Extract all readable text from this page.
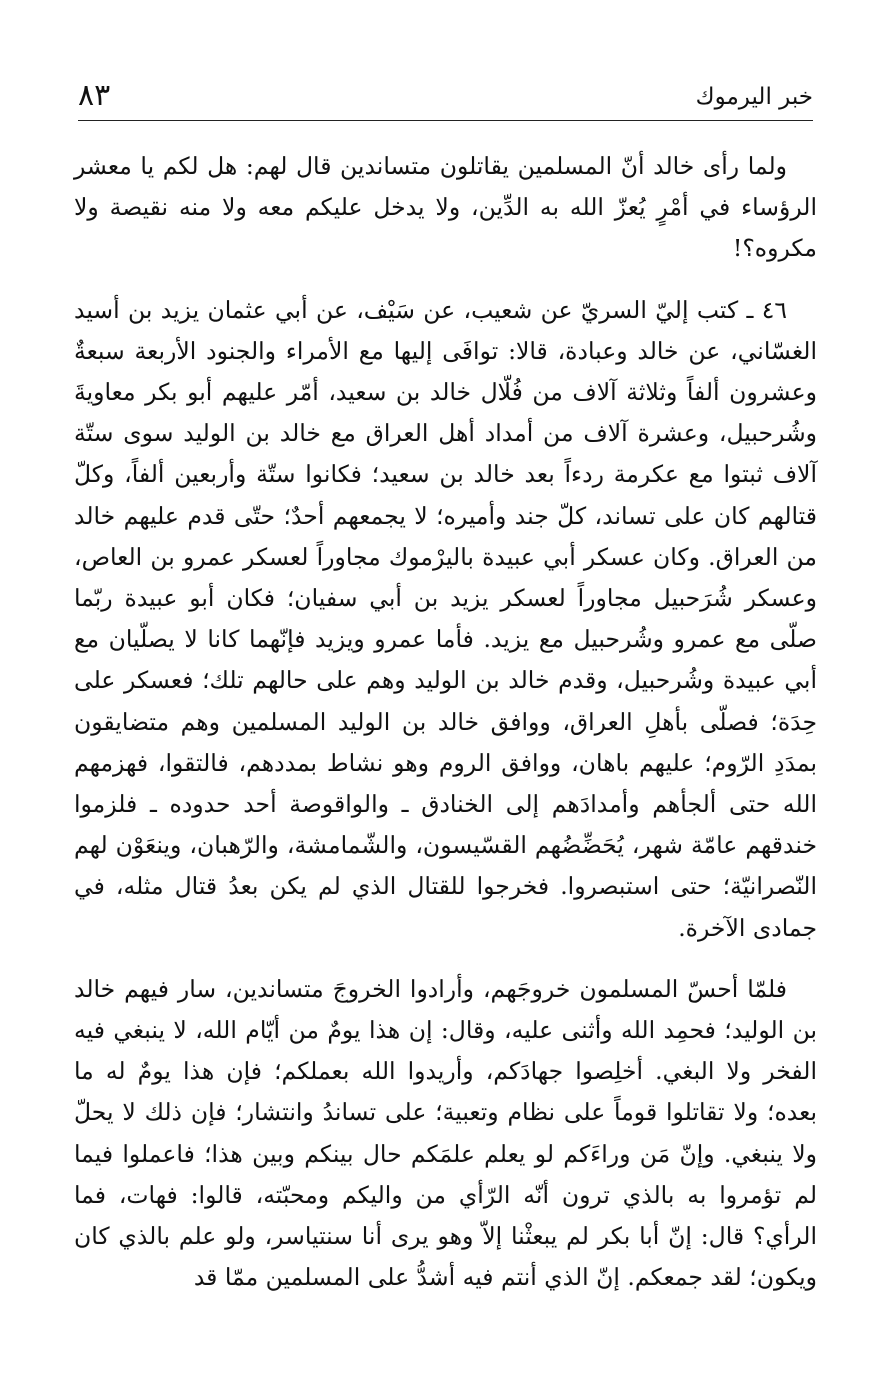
خبر اليرموك
٨٣

ولما رأى خالد أنّ المسلمين يقاتلون متساندين قال لهم: هل لكم يا معشر الرؤساء في أمْرٍ يُعزّ الله به الدِّين، ولا يدخل عليكم معه ولا منه نقيصة ولا مكروه؟!

٤٦ ـ كتب إليّ السريّ عن شعيب، عن سَيْف، عن أبي عثمان يزيد بن أسيد الغسّاني، عن خالد وعبادة، قالا: توافَى إليها مع الأمراء والجنود الأربعة سبعةٌ وعشرون ألفاً وثلاثة آلاف من فُلّال خالد بن سعيد، أمّر عليهم أبو بكر معاويةَ وشُرحبيل، وعشرة آلاف من أمداد أهل العراق مع خالد بن الوليد سوى ستّة آلاف ثبتوا مع عكرمة ردءاً بعد خالد بن سعيد؛ فكانوا ستّة وأربعين ألفاً، وكلّ قتالهم كان على تساند، كلّ جند وأميره؛ لا يجمعهم أحدٌ؛ حتّى قدم عليهم خالد من العراق. وكان عسكر أبي عبيدة باليرْموك مجاوراً لعسكر عمرو بن العاص، وعسكر شُرَحبيل مجاوراً لعسكر يزيد بن أبي سفيان؛ فكان أبو عبيدة ربّما صلّى مع عمرو وشُرحبيل مع يزيد. فأما عمرو ويزيد فإنّهما كانا لا يصلّيان مع أبي عبيدة وشُرحبيل، وقدم خالد بن الوليد وهم على حالهم تلك؛ فعسكر على حِدَة؛ فصلّى بأهلِ العراق، ووافق خالد بن الوليد المسلمين وهم متضايقون بمدَدِ الرّوم؛ عليهم باهان، ووافق الروم وهو نشاط بمددهم، فالتقوا، فهزمهم الله حتى ألجأهم وأمدادَهم إلى الخنادق ـ والواقوصة أحد حدوده ـ فلزموا خندقهم عامّة شهر، يُحَضِّضُهم القسّيسون، والشّمامشة، والرّهبان، وينعَوْن لهم النّصرانيّة؛ حتى استبصروا. فخرجوا للقتال الذي لم يكن بعدُ قتال مثله، في جمادى الآخرة.

فلمّا أحسّ المسلمون خروجَهم، وأرادوا الخروجَ متساندين، سار فيهم خالد بن الوليد؛ فحمِد الله وأثنى عليه، وقال: إن هذا يومٌ من أيّام الله، لا ينبغي فيه الفخر ولا البغي. أخلِصوا جهادَكم، وأريدوا الله بعملكم؛ فإن هذا يومٌ له ما بعده؛ ولا تقاتلوا قوماً على نظام وتعبية؛ على تساندُ وانتشار؛ فإن ذلك لا يحلّ ولا ينبغي. وإنّ مَن وراءَكم لو يعلم علمَكم حال بينكم وبين هذا؛ فاعملوا فيما لم تؤمروا به بالذي ترون أنّه الرّأي من واليكم ومحبّته، قالوا: فهات، فما الرأي؟ قال: إنّ أبا بكر لم يبعثْنا إلاّ وهو يرى أنا سنتياسر، ولو علم بالذي كان ويكون؛ لقد جمعكم. إنّ الذي أنتم فيه أشدُّ على المسلمين ممّا قد
